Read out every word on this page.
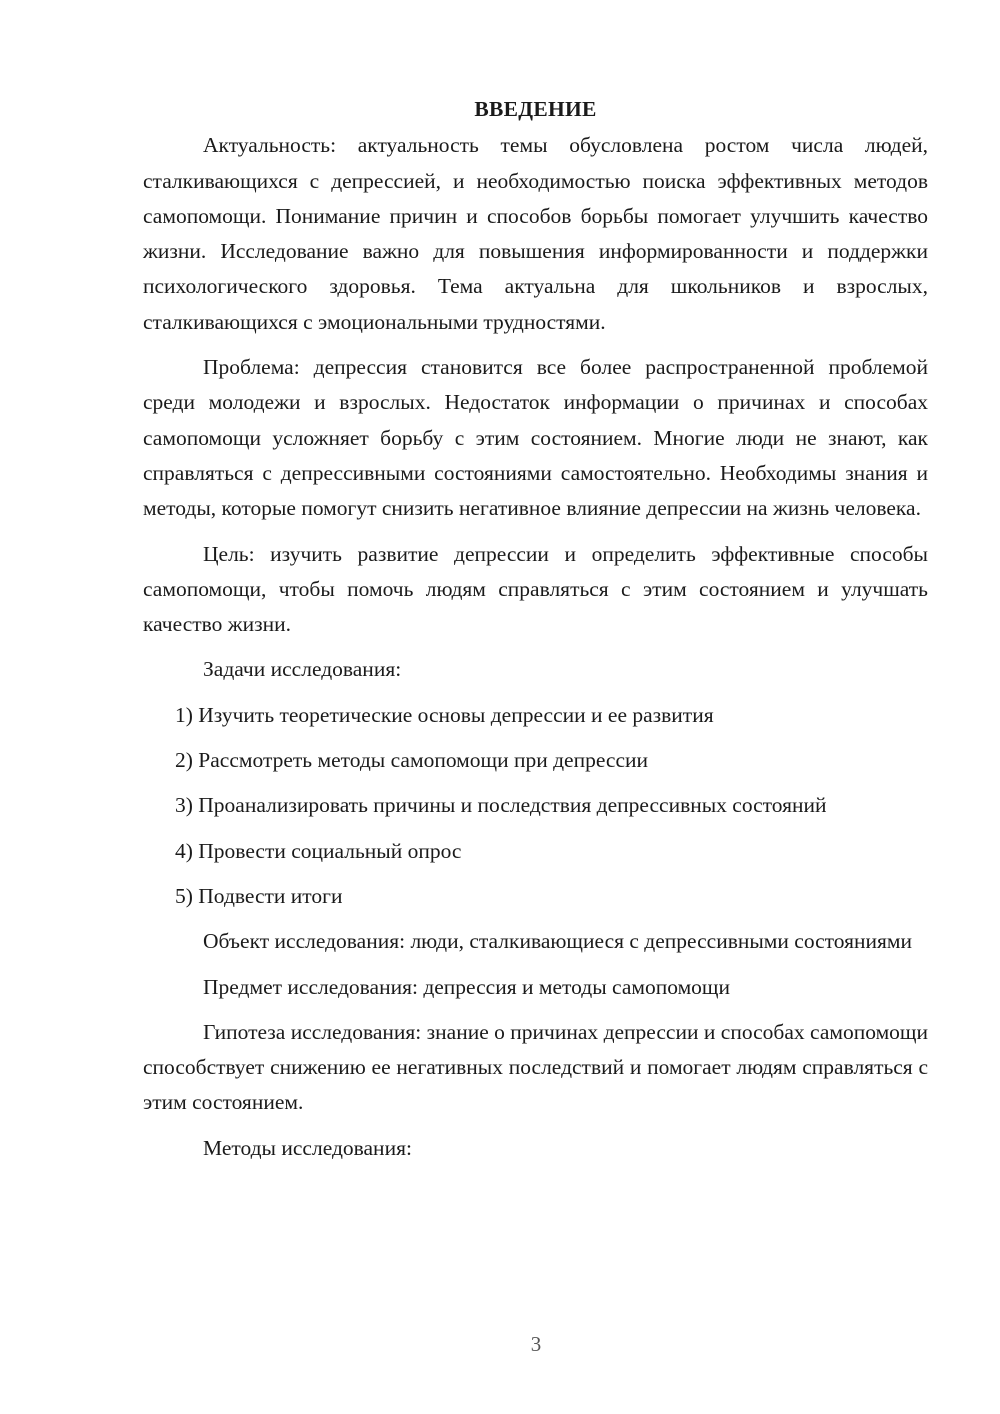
ВВЕДЕНИЕ

Актуальность: актуальность темы обусловлена ростом числа людей, сталкивающихся с депрессией, и необходимостью поиска эффективных методов самопомощи. Понимание причин и способов борьбы помогает улучшить качество жизни. Исследование важно для повышения информированности и поддержки психологического здоровья. Тема актуальна для школьников и взрослых, сталкивающихся с эмоциональными трудностями.

Проблема: депрессия становится все более распространенной проблемой среди молодежи и взрослых. Недостаток информации о причинах и способах самопомощи усложняет борьбу с этим состоянием. Многие люди не знают, как справляться с депрессивными состояниями самостоятельно. Необходимы знания и методы, которые помогут снизить негативное влияние депрессии на жизнь человека.

Цель: изучить развитие депрессии и определить эффективные способы самопомощи, чтобы помочь людям справляться с этим состоянием и улучшать качество жизни.

Задачи исследования:

1) Изучить теоретические основы депрессии и ее развития

2) Рассмотреть методы самопомощи при депрессии

3) Проанализировать причины и последствия депрессивных состояний

4) Провести социальный опрос

5) Подвести итоги

Объект исследования: люди, сталкивающиеся с депрессивными состояниями

Предмет исследования: депрессия и методы самопомощи

Гипотеза исследования: знание о причинах депрессии и способах самопомощи способствует снижению ее негативных последствий и помогает людям справляться с этим состоянием.

Методы исследования:

3
